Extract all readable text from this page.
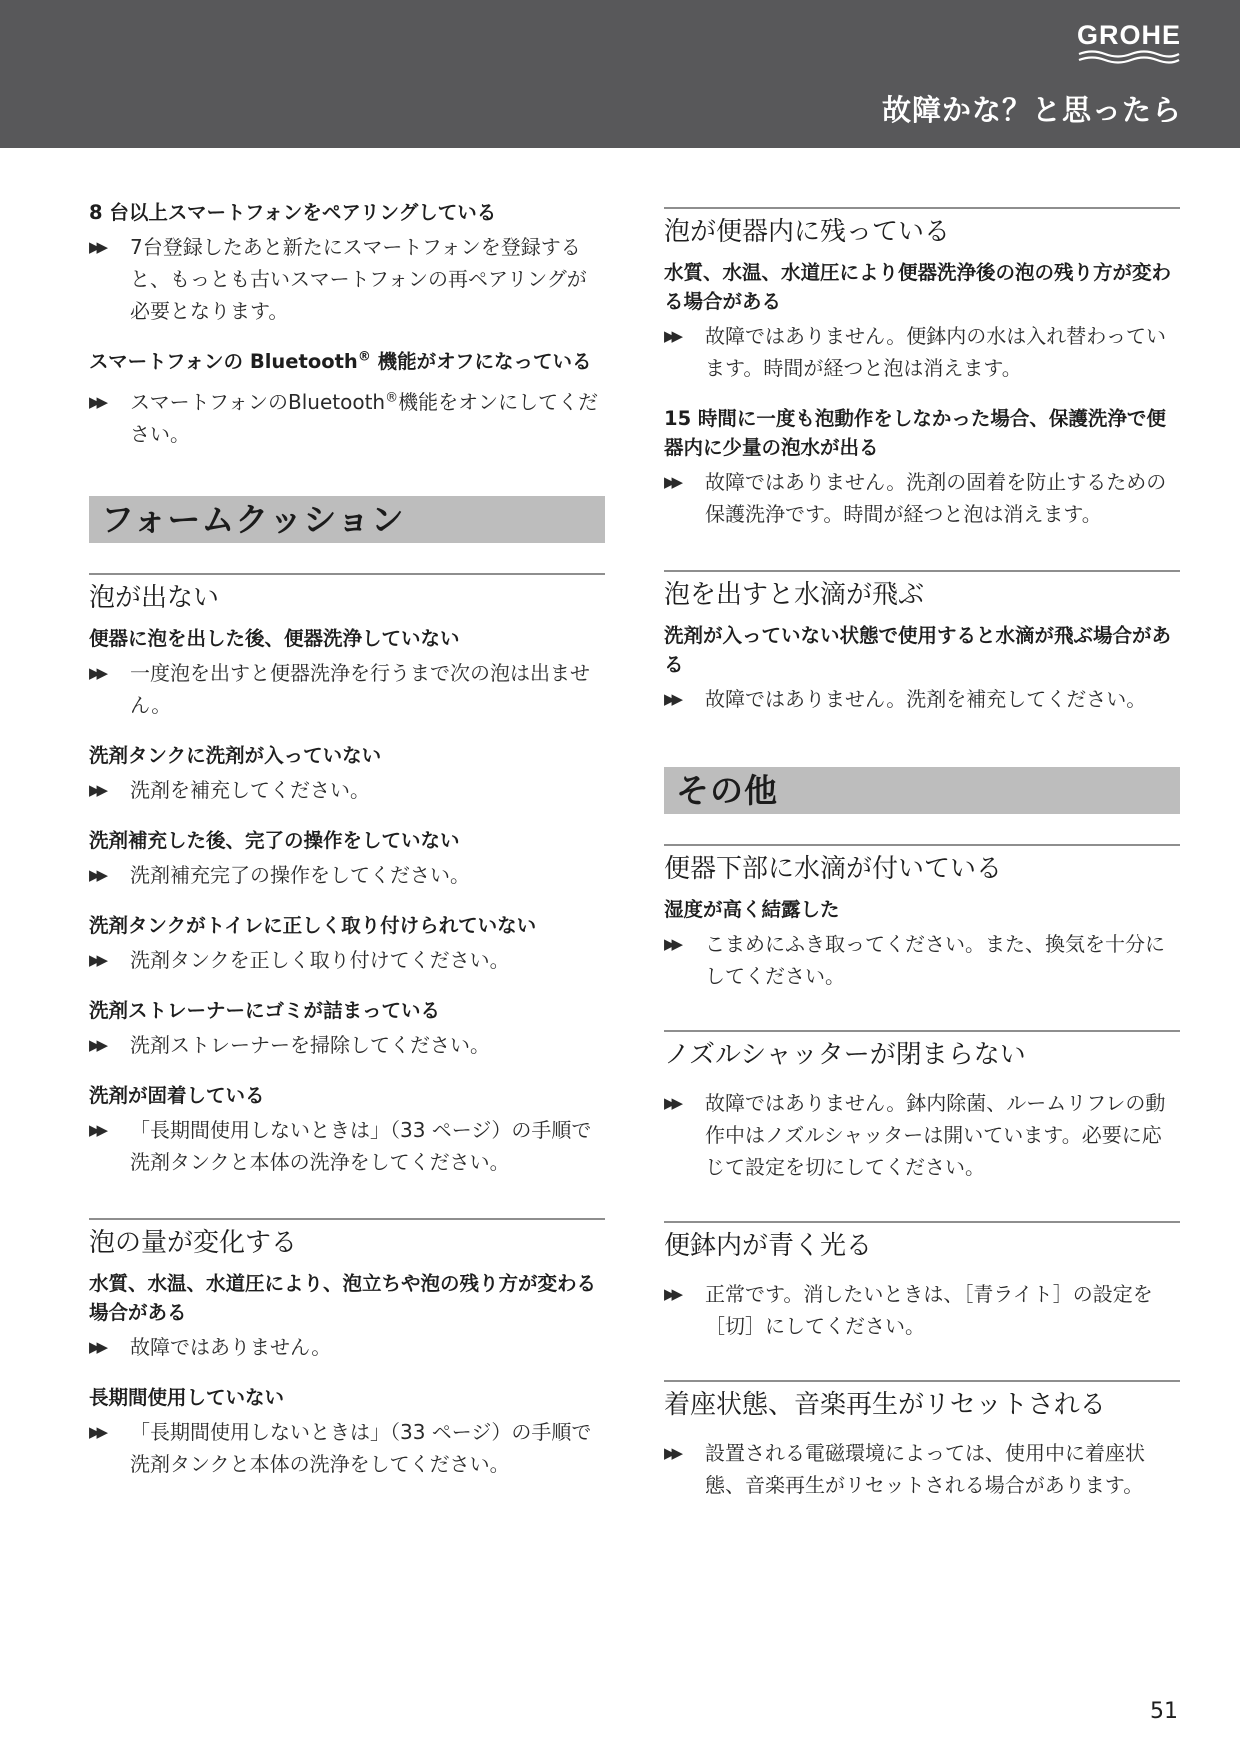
GROHE
故障かな？と思ったら

8 台以上スマートフォンをペアリングしている

▶▶	7台登録したあと新たにスマートフォンを登録すると、もっとも古いスマートフォンの再ペアリングが必要となります。

スマートフォンの Bluetooth® 機能がオフになっている

▶▶	スマートフォンのBluetooth®機能をオンにしてください。
フォームクッション
泡が出ない

便器に泡を出した後、便器洗浄していない

▶▶	一度泡を出すと便器洗浄を行うまで次の泡は出ません。

洗剤タンクに洗剤が入っていない

▶▶	洗剤を補充してください。

洗剤補充した後、完了の操作をしていない

▶▶	洗剤補充完了の操作をしてください。

洗剤タンクがトイレに正しく取り付けられていない

▶▶	洗剤タンクを正しく取り付けてください。

洗剤ストレーナーにゴミが詰まっている

▶▶	洗剤ストレーナーを掃除してください。

洗剤が固着している

▶▶	「長期間使用しないときは」（33 ページ）の手順で洗剤タンクと本体の洗浄をしてください。
泡の量が変化する

水質、水温、水道圧により、泡立ちや泡の残り方が変わる場合がある

▶▶	故障ではありません。

長期間使用していない

▶▶	「長期間使用しないときは」（33 ページ）の手順で洗剤タンクと本体の洗浄をしてください。
泡が便器内に残っている

水質、水温、水道圧により便器洗浄後の泡の残り方が変わる場合がある

▶▶	故障ではありません。便鉢内の水は入れ替わっています。時間が経つと泡は消えます。

15 時間に一度も泡動作をしなかった場合、保護洗浄で便器内に少量の泡水が出る

▶▶	故障ではありません。洗剤の固着を防止するための保護洗浄です。時間が経つと泡は消えます。
泡を出すと水滴が飛ぶ

洗剤が入っていない状態で使用すると水滴が飛ぶ場合がある

▶▶	故障ではありません。洗剤を補充してください。
その他
便器下部に水滴が付いている

湿度が高く結露した

▶▶	こまめにふき取ってください。また、換気を十分にしてください。
ノズルシャッターが閉まらない
▶▶	故障ではありません。鉢内除菌、ルームリフレの動作中はノズルシャッターは開いています。必要に応じて設定を切にしてください。
便鉢内が青く光る
▶▶	正常です。消したいときは、［青ライト］の設定を［切］にしてください。
着座状態、音楽再生がリセットされる
▶▶	設置される電磁環境によっては、使用中に着座状態、音楽再生がリセットされる場合があります。
51
